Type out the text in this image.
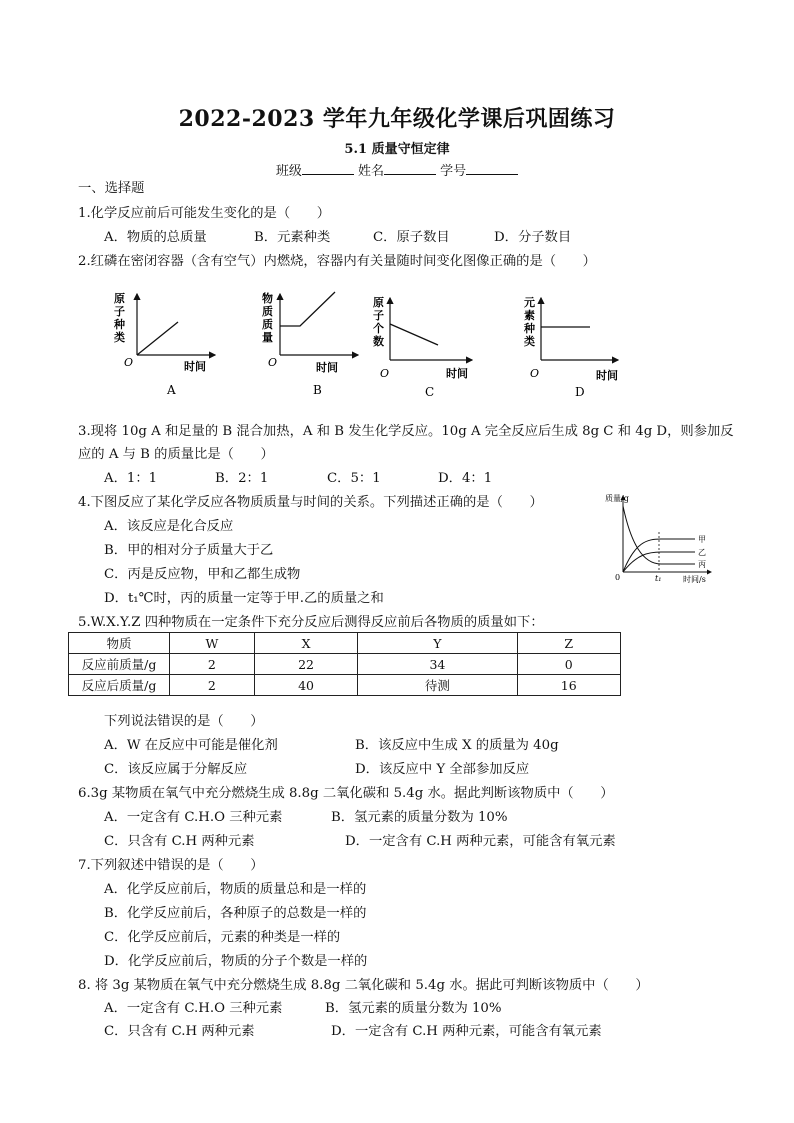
2022-2023 学年九年级化学课后巩固练习
5.1 质量守恒定律
班级	姓名	学号
一、选择题
1.化学反应前后可能发生变化的是（　　）
A．物质的总质量	B．元素种类	C．原子数目	D．分子数目
2.红磷在密闭容器（含有空气）内燃烧，容器内有关量随时间变化图像正确的是（　　）
原
子
种
类
O	时间
A
物
质
质
量
O	时间
B
原
子
个
数
O	时间
C
元
素
种
类
O	时间
D
3.现将 10g A 和足量的 B 混合加热，A 和 B 发生化学反应。10g A 完全反应后生成 8g C 和 4g D，则参加反
应的 A 与 B 的质量比是（　　）
A．1：1	B．2：1	C．5：1	D．4：1
4.下图反应了某化学反应各物质质量与时间的关系。下列描述正确的是（　　）
A．该反应是化合反应
B．甲的相对分子质量大于乙
C．丙是反应物，甲和乙都生成物
D．t₁℃时，丙的质量一定等于甲.乙的质量之和
质量/g
0	t₁	时间/s
甲
乙
丙
5.W.X.Y.Z 四种物质在一定条件下充分反应后测得反应前后各物质的质量如下：
物质	W	X	Y	Z
反应前质量/g	2	22	34	0
反应后质量/g	2	40	待测	16
下列说法错误的是（　　）
A．W 在反应中可能是催化剂	B．该反应中生成 X 的质量为 40g
C．该反应属于分解反应	D．该反应中 Y 全部参加反应
6.3g 某物质在氧气中充分燃烧生成 8.8g 二氧化碳和 5.4g 水。据此判断该物质中（　　）
A．一定含有 C.H.O 三种元素	B．氢元素的质量分数为 10%
C．只含有 C.H 两种元素	D．一定含有 C.H 两种元素，可能含有氧元素
7.下列叙述中错误的是（　　）
A．化学反应前后，物质的质量总和是一样的
B．化学反应前后，各种原子的总数是一样的
C．化学反应前后，元素的种类是一样的
D．化学反应前后，物质的分子个数是一样的
8. 将 3g 某物质在氧气中充分燃烧生成 8.8g 二氧化碳和 5.4g 水。据此可判断该物质中（　　）
A．一定含有 C.H.O 三种元素	B．氢元素的质量分数为 10%
C．只含有 C.H 两种元素	D．一定含有 C.H 两种元素，可能含有氧元素
